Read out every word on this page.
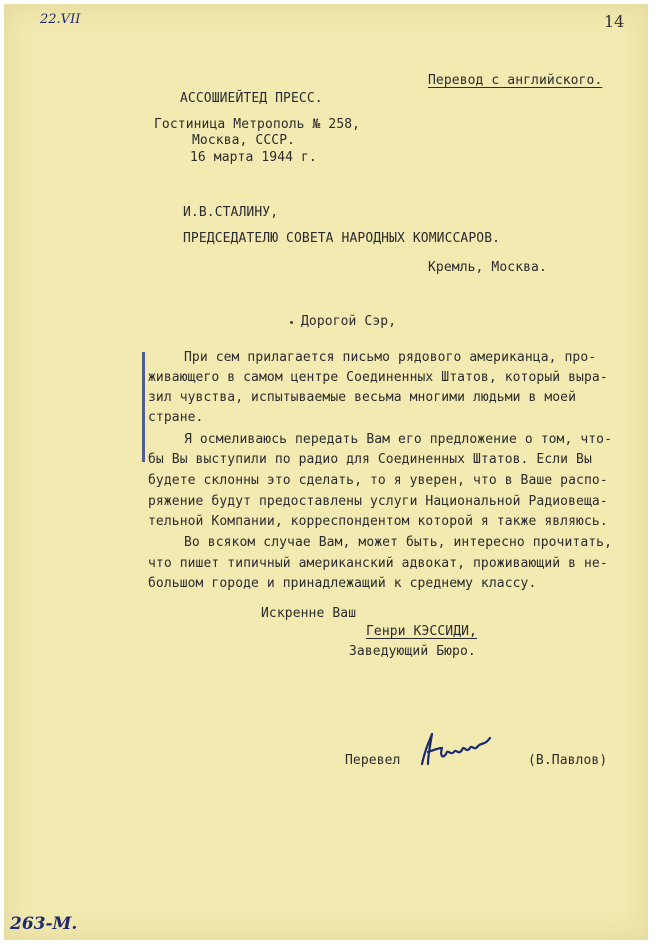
22.VII	14
263-М.
Перевод с английского.
АССОШИЕЙТЕД ПРЕСС.
Гостиница Метрополь № 258,
Москва, СССР.
16 марта 1944 г.
И.В.СТАЛИНУ,
ПРЕДСЕДАТЕЛЮ СОВЕТА НАРОДНЫХ КОМИССАРОВ.
Кремль, Москва.
Дорогой Сэр,
При сем прилагается письмо рядового американца, про-
живающего в самом центре Соединенных Штатов, который выра-
зил чувства, испытываемые весьма многими людьми в моей
стране.
Я осмеливаюсь передать Вам его предложение о том, что-
бы Вы выступили по радио для Соединенных Штатов. Если Вы
будете склонны это сделать, то я уверен, что в Ваше распо-
ряжение будут предоставлены услуги Национальной Радиовеща-
тельной Компании, корреспондентом которой я также являюсь.
Во всяком случае Вам, может быть, интересно прочитать,
что пишет типичный американский адвокат, проживающий в не-
большом городе и принадлежащий к среднему классу.
Искренне Ваш
Генри КЭССИДИ,
Заведующий Бюро.
Перевел	(В.Павлов)
